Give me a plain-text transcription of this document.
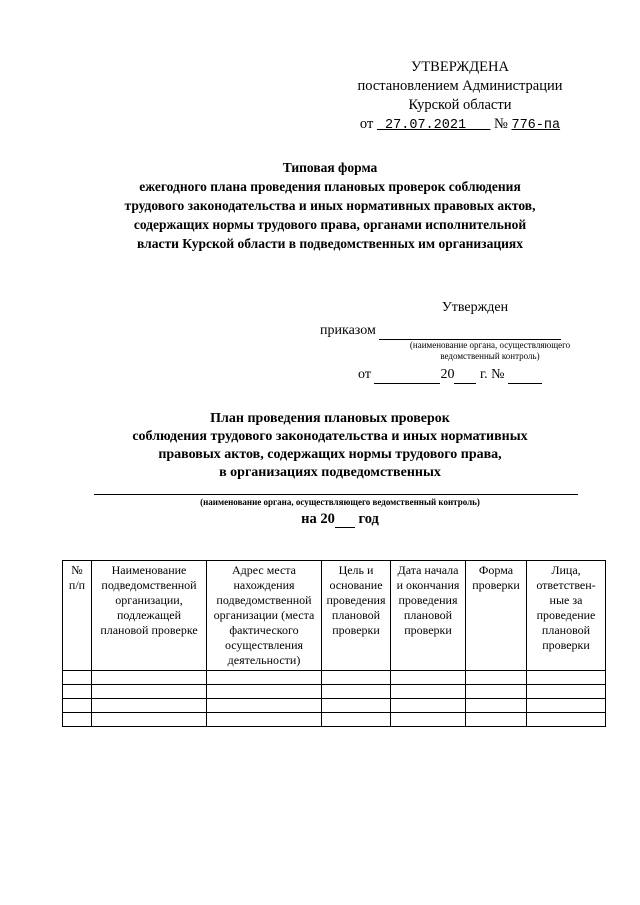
УТВЕРЖДЕНА
постановлением Администрации
Курской области
от 27.07.2021 № 776-па
Типовая форма
ежегодного плана проведения плановых проверок соблюдения
трудового законодательства и иных нормативных правовых актов,
содержащих нормы трудового права, органами исполнительной
власти Курской области в подведомственных им организациях
Утвержден
приказом
(наименование органа, осуществляющего ведомственный контроль)
от	20 г. №
План проведения плановых проверок
соблюдения трудового законодательства и иных нормативных
правовых актов, содержащих нормы трудового права,
в организациях подведомственных
(наименование органа, осуществляющего ведомственный контроль)
на 20 год
№ п/п	Наименование подведомственной организации, подлежащей плановой проверке	Адрес места нахождения подведомственной организации (места фактического осуществления деятельности)	Цель и основание проведения плановой проверки	Дата начала и окончания проведения плановой проверки	Форма проверки	Лица, ответствен-ные за проведение плановой проверки
